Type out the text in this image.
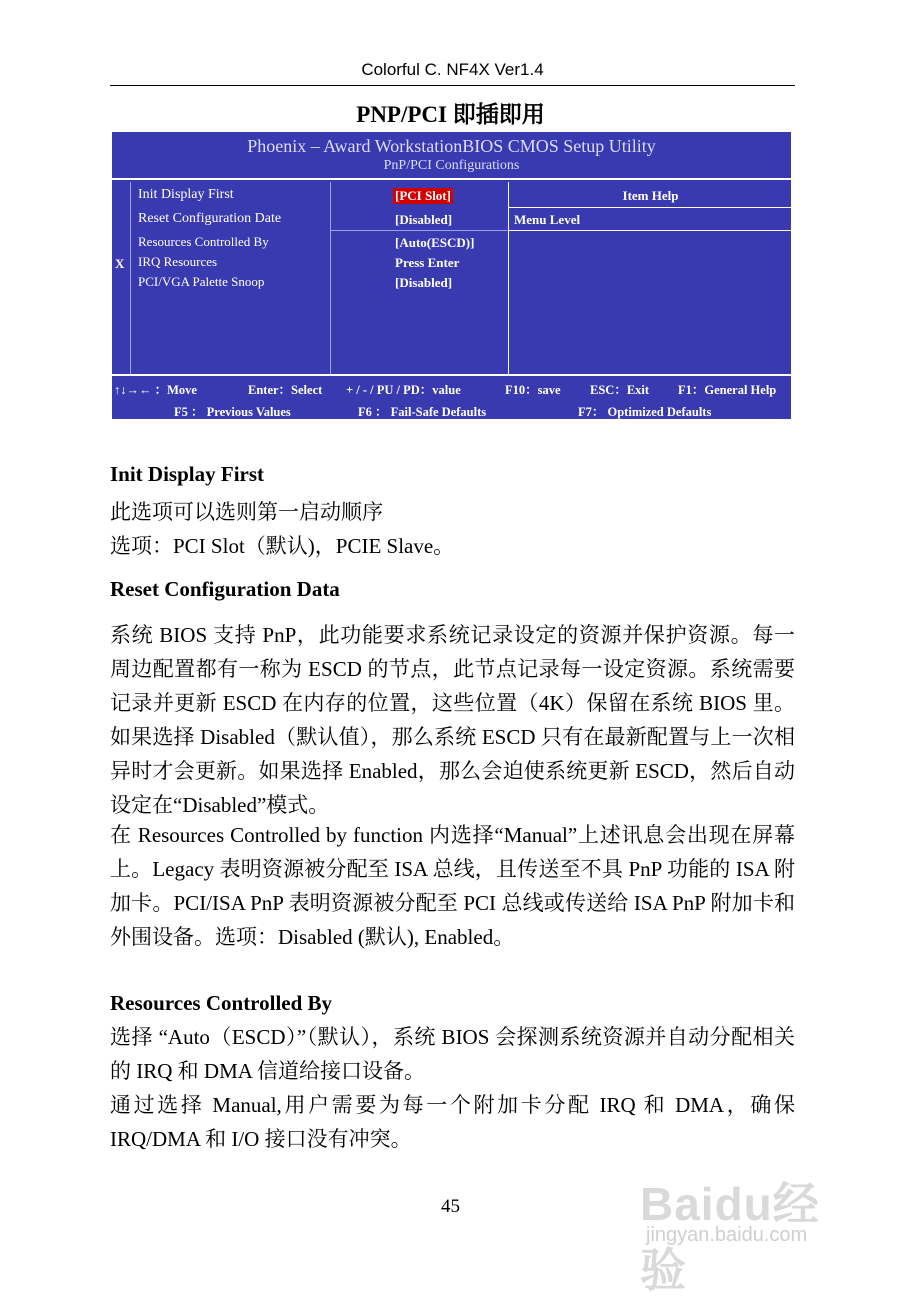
Colorful C. NF4X Ver1.4
PNP/PCI 即插即用
Phoenix – Award WorkstationBIOS CMOS Setup Utility
PnP/PCI Configurations
Init Display First	[PCI Slot]
Reset Configuration Date	[Disabled]
Resources Controlled By	[Auto(ESCD)]
X IRQ Resources	Press Enter
PCI/VGA Palette Snoop	[Disabled]
Item Help
Menu Level
↑↓→← ：Move	Enter：Select + / - / PU / PD：value	F10：save ESC：Exit F1：General Help
F5 ： Previous Values	F6 ： Fail-Safe Defaults	F7： Optimized Defaults
Init Display First
此选项可以选则第一启动顺序
选项：PCI Slot（默认)，PCIE Slave。
Reset Configuration Data
系统 BIOS 支持 PnP，此功能要求系统记录设定的资源并保护资源。每一周边配置都有一称为 ESCD 的节点，此节点记录每一设定资源。系统需要记录并更新 ESCD 在内存的位置，这些位置（4K）保留在系统 BIOS 里。如果选择 Disabled（默认值），那么系统 ESCD 只有在最新配置与上一次相异时才会更新。如果选择 Enabled，那么会迫使系统更新 ESCD，然后自动设定在“Disabled”模式。
在 Resources Controlled by function 内选择“Manual”上述讯息会出现在屏幕上。Legacy 表明资源被分配至 ISA 总线，且传送至不具 PnP 功能的 ISA 附加卡。PCI/ISA PnP 表明资源被分配至 PCI 总线或传送给 ISA PnP 附加卡和外围设备。选项：Disabled (默认), Enabled。
Resources Controlled By
选择 “Auto（ESCD）”（默认），系统 BIOS 会探测系统资源并自动分配相关的 IRQ 和 DMA 信道给接口设备。
通过选择 Manual,用户需要为每一个附加卡分配 IRQ 和 DMA，确保 IRQ/DMA 和 I/O 接口没有冲突。
45	Baidu经验
jingyan.baidu.com
